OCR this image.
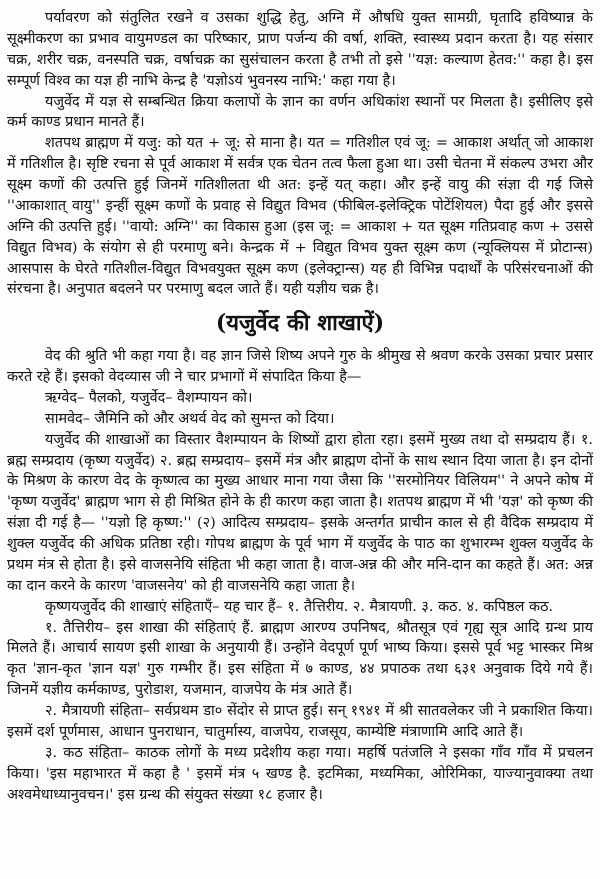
पर्यावरण को संतुलित रखने व उसका शुद्धि हेतु, अग्नि में औषधि युक्त सामग्री, घृतादि हविष्यान्न के सूक्ष्मीकरण का प्रभाव वायुमण्डल का परिष्कार, प्राण पर्जन्य की वर्षा, शक्ति, स्वास्थ्य प्रदान करता है। यह संसार चक्र, शरीर चक्र, वनस्पति चक्र, वर्षाचक्र का सुसंचालन करता है तभी तो इसे ''यज्ञ: कल्याण हेतव:'' कहा है। इस सम्पूर्ण विश्व का यज्ञ ही नाभि केन्द्र है 'यज्ञोऽयं भुवनस्य नाभि:' कहा गया है।

यजुर्वेद में यज्ञ से सम्बन्धित क्रिया कलापों के ज्ञान का वर्णन अधिकांश स्थानों पर मिलता है। इसीलिए इसे कर्म काण्ड प्रधान मानते हैं।

शतपथ ब्राह्मण में यजु: को यत + जू: से माना है। यत = गतिशील एवं जू: = आकाश अर्थात् जो आकाश में गतिशील है। सृष्टि रचना से पूर्व आकाश में सर्वत्र एक चेतन तत्व फैला हुआ था। उसी चेतना में संकल्प उभरा और सूक्ष्म कणों की उत्पत्ति हुई जिनमें गतिशीलता थी अत: इन्हें यत् कहा। और इन्हें वायु की संज्ञा दी गई जिसे ''आकाशात् वायु'' इन्हीं सूक्ष्म कणों के प्रवाह से विद्युत विभव (फीबिल-इलेक्ट्रिक पोटेंशियल) पैदा हुई और इससे अग्नि की उत्पत्ति हुई। ''वायो: अग्नि'' का विकास हुआ (इस जू: = आकाश + यत सूक्ष्म गतिप्रवाह कण + उससे विद्युत विभव) के संयोग से ही परमाणु बने। केन्द्रक में + विद्युत विभव युक्त सूक्ष्म कण (न्यूक्लियस में प्रोटान्स) आसपास के घेरते गतिशील-विद्युत विभवयुक्त सूक्ष्म कण (इलेक्ट्रान्स) यह ही विभिन्न पदार्थों के परिसंरचनाओं की संरचना है। अनुपात बदलने पर परमाणु बदल जाते हैं। यही यज्ञीय चक्र है।

(यजुर्वेद की शाखाऐं)

वेद की श्रुति भी कहा गया है। वह ज्ञान जिसे शिष्य अपने गुरु के श्रीमुख से श्रवण करके उसका प्रचार प्रसार करते रहे हैं। इसको वेदव्यास जी ने चार प्रभागों में संपादित किया है—

ऋग्वेद– पैलको, यजुर्वेद– वैशम्पायन को।

सामवेद– जैमिनि को और अथर्व वेद को सुमन्त को दिया।

यजुर्वेद की शाखाओं का विस्तार वैशम्पायन के शिष्यों द्वारा होता रहा। इसमें मुख्य तथा दो सम्प्रदाय हैं। १. ब्रह्म सम्प्रदाय (कृष्ण यजुर्वेद) २. ब्रह्म सम्प्रदाय– इसमें मंत्र और ब्राह्मण दोनों के साथ स्थान दिया जाता है। इन दोनों के मिश्रण के कारण वेद के कृष्णत्व का मुख्य आधार माना गया जैसा कि ''सरमोनियर विलियम'' ने अपने कोष में 'कृष्ण यजुर्वेद' ब्राह्मण भाग से ही मिश्रित होने के ही कारण कहा जाता है। शतपथ ब्राह्मण में भी 'यज्ञ' को कृष्ण की संज्ञा दी गई है— ''यज्ञो हि कृष्ण:'' (२) आदित्य सम्प्रदाय– इसके अन्तर्गत प्राचीन काल से ही वैदिक सम्प्रदाय में शुक्ल यजुर्वेद की अधिक प्रतिष्ठा रही। गोपथ ब्राह्मण के पूर्व भाग में यजुर्वेद के पाठ का शुभारम्भ शुक्ल यजुर्वेद के प्रथम मंत्र से होता है। इसे वाजसनेयि संहिता भी कहा जाता है। वाज-अन्न की और मनि-दान का कहते हैं। अत: अन्न का दान करने के कारण 'वाजसनेय' को ही वाजसनेयि कहा जाता है।

कृष्णयजुर्वेद की शाखाएं संहिताएँ– यह चार हैं– १. तैत्तिरीय. २. मैत्रायणी. ३. कठ. ४. कपिष्ठल कठ.

१. तैत्तिरीय– इस शाखा की संहिताएं हैं. ब्राह्मण आरण्य उपनिषद, श्रौतसूत्र एवं गृह्य सूत्र आदि ग्रन्थ प्राय मिलते हैं। आचार्य सायण इसी शाखा के अनुयायी हैं। उन्होंने वेदपूर्ण पूर्ण भाष्य किया। इससे पूर्व भट्ट भास्कर मिश्र कृत 'ज्ञान-कृत 'ज्ञान यज्ञ' गुरु गम्भीर हैं। इस संहिता में ७ काण्ड, ४४ प्रपाठक तथा ६३१ अनुवाक दिये गये हैं। जिनमें यज्ञीय कर्मकाण्ड, पुरोडाश, यजमान, वाजपेय के मंत्र आते हैं।

२. मैत्रायणी संहिता– सर्वप्रथम डा० सेंदोर से प्राप्त हुई। सन् १९४१ में श्री सातवलेकर जी ने प्रकाशित किया। इसमें दर्श पूर्णमास, आधान पुनराधान, चातुर्मास्य, वाजपेय, राजसूय, काम्येष्टि मंत्राणामि आदि आते हैं।

३. कठ संहिता– काठक लोगों के मध्य प्रदेशीय कहा गया। महर्षि पतंजलि ने इसका गाँव गाँव में प्रचलन किया। 'इस महाभारत में कहा है ' इसमें मंत्र ५ खण्ड है. इटमिका, मध्यमिका, ओरिमिका, याज्यानुवाक्या तथा अश्वमेधाध्यानुवचन।' इस ग्रन्थ की संयुक्त संख्या १८ हजार है।
